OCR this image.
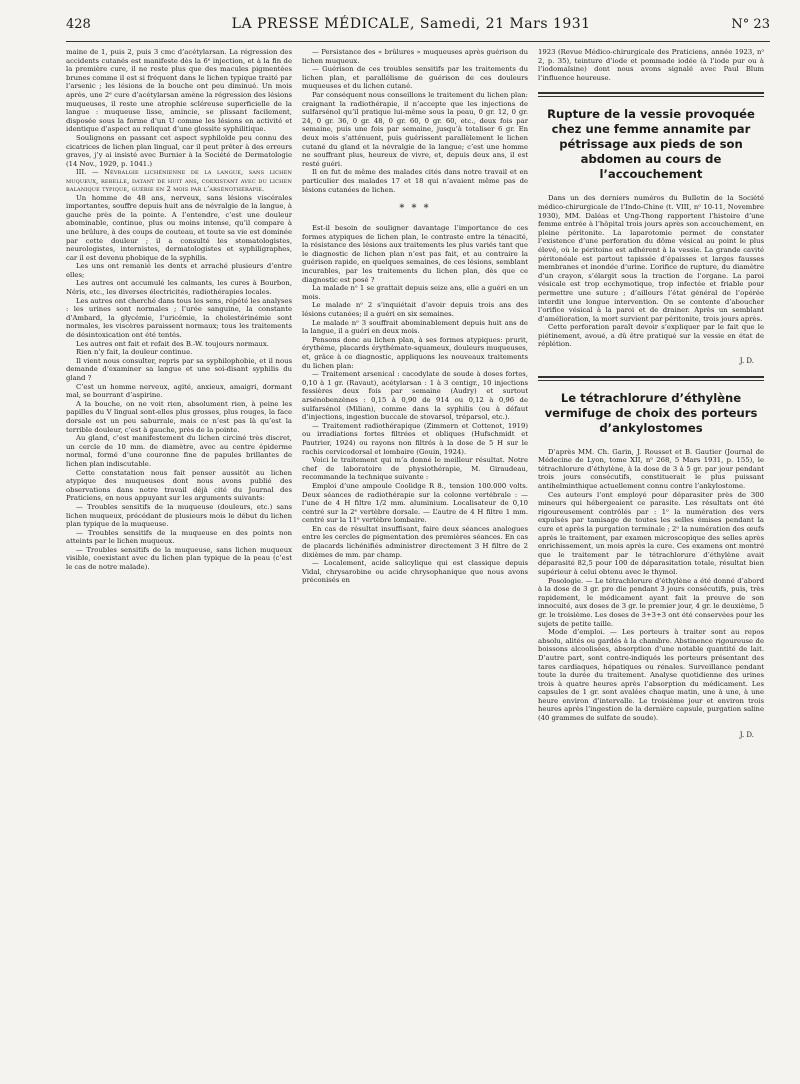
428	LA PRESSE MÉDICALE, Samedi, 21 Mars 1931	N° 23

maine de 1, puis 2, puis 3 cmc d’acétylarsan. La régression des accidents cutanés est manifeste dès la 6ᵉ injection, et à la fin de la première cure, il ne reste plus que des macules pigmentées brunes comme il est si fréquent dans le lichen typique traité par l’arsenic ; les lésions de la bouche ont peu diminué. Un mois après, une 2ᵉ cure d’acétylarsan amène la régression des lésions muqueuses, il reste une atrophie scléreuse superficielle de la langue : muqueuse lisse, amincie, se plissant facilement, disposée sous la forme d’un U comme les lésions en activité et identique d’aspect au reliquat d’une glossite syphilitique.

Soulignons en passant cet aspect syphiloïde peu connu des cicatrices de lichen plan lingual, car il peut prêter à des erreurs graves, j’y ai insisté avec Burnier à la Société de Dermatologie (14 Nov., 1929, p. 1041.)

III. — Névralgie lichénienne de la langue, sans lichen muqueux, rebelle, datant de huit ans, coexistant avec du lichen balanique typique, guérie en 2 mois par l’arsénothérapie.

Un homme de 48 ans, nerveux, sans lésions viscérales importantes, souffre depuis huit ans de névralgie de la langue, à gauche près de la pointe. A l’entendre, c’est une douleur abominable, continue, plus ou moins intense, qu’il compare à une brûlure, à des coups de couteau, et toute sa vie est dominée par cette douleur ; il a consulté les stomatologistes, neurologistes, internistes, dermatologistes et syphiligraphes, car il est devenu phobique de la syphilis.

Les uns ont remanié les dents et arraché plusieurs d’entre elles;

Les autres ont accumulé les calmants, les cures à Bourbon, Néris, etc., les diverses électricités, radiothérapies locales.

Les autres ont cherché dans tous les sens, répété les analyses : les urines sont normales ; l’urée sanguine, la constante d’Ambard, la glycémie, l’uricémie, la cholestérinémie sont normales, les viscères paraissent normaux; tous les traitements de désintoxication ont été tentés.

Les autres ont fait et refait des B.-W. toujours normaux.

Rien n’y fait, la douleur continue.

Il vient nous consulter, repris par sa syphilophobie, et il nous demande d’examiner sa langue et une soi-disant syphilis du gland ?

C’est un homme nerveux, agité, anxieux, amaigri, dormant mal, se bourrant d’aspirine.

A la bouche, on ne voit rien, absolument rien, à peine les papilles du V lingual sont-elles plus grosses, plus rouges, la face dorsale est un peu saburrale, mais ce n’est pas là qu’est la terrible douleur, c’est à gauche, près de la pointe.

Au gland, c’est manifestement du lichen circiné très discret, un cercle de 10 mm. de diamètre, avec au centre épiderme normal, formé d’une couronne fine de papules brillantes de lichen plan indiscutable.

Cette constatation nous fait penser aussitôt au lichen atypique des muqueuses dont nous avons publié des observations dans notre travail déjà cité du Journal des Praticiens, en nous appuyant sur les arguments suivants:

— Troubles sensitifs de la muqueuse (douleurs, etc.) sans lichen muqueux, précédant de plusieurs mois le début du lichen plan typique de la muqueuse.

— Troubles sensitifs de la muqueuse en des points non atteints par le lichen muqueux.

— Troubles sensitifs de la muqueuse, sans lichen muqueux visible, coexistant avec du lichen plan typique de la peau (c’est le cas de notre malade).

— Persistance des « brûlures » muqueuses après guérison du lichen muqueux.

— Guérison de ces troubles sensitifs par les traitements du lichen plan, et parallélisme de guérison de ces douleurs muqueuses et du lichen cutané.

Par conséquent nous conseillons le traitement du lichen plan: craignant la radiothérapie, il n’accepte que les injections de sulfarsénol qu’il pratique lui-même sous la peau, 0 gr. 12, 0 gr. 24, 0 gr. 36, 0 gr. 48, 0 gr. 60, 0 gr. 60, etc., deux fois par semaine, puis une fois par semaine, jusqu’à totaliser 6 gr. En deux mois s’atténuent, puis guérissent parallèlement le lichen cutané du gland et la névralgie de la langue; c’est une homme ne souffrant plus, heureux de vivre, et, depuis deux ans, il est resté guéri.

Il en fut de même des malades cités dans notre travail et en particulier des malades 17 et 18 qui n’avaient même pas de lésions cutanées de lichen.

* * *

Est-il besoin de souligner davantage l’importance de ces formes atypiques de lichen plan, le contraste entre la ténacité, la résistance des lésions aux traitements les plus variés tant que le diagnostic de lichen plan n’est pas fait, et au contraire la guérison rapide, en quelques semaines, de ces lésions, semblant incurables, par les traitements du lichen plan, dès que ce diagnostic est posé ?

La malade nᵒ 1 se grattait depuis seize ans, elle a guéri en un mois.

Le malade nᵒ 2 s’inquiétait d’avoir depuis trois ans des lésions cutanées; il a guéri en six semaines.

Le malade nᵒ 3 souffrait abominablement depuis huit ans de la langue, il a guéri en deux mois.

Pensons donc au lichen plan, à ses formes atypiques: prurit, érythème, placards érythémato-squameux, douleurs muqueuses, et, grâce à ce diagnostic, appliquons les nouveaux traitements du lichen plan:

— Traitement arsenical : cacodylate de soude à doses fortes, 0,10 à 1 gr. (Ravaut), acétylarsan : 1 à 3 centigr., 10 injections fessières deux fois par semaine (Audry) et surtout arsénobenzènes : 0,15 à 0,90 de 914 ou 0,12 à 0,96 de sulfarsénol (Milian), comme dans la syphilis (ou à défaut d’injections, ingestion buccale de stovarsol, tréparsol, etc.).

— Traitement radiothérapique (Zimmern et Cottenot, 1919) ou irradiations fortes filtrées et obliques (Hufschmidt et Pautrier, 1924) ou rayons non filtrés à la dose de 5 H sur le rachis cervicodorsal et lombaire (Gouin, 1924).

Voici le traitement qui m’a donné le meilleur résultat. Notre chef de laboratoire de physiothérapie, M. Giraudeau, recommande la technique suivante :

Emploi d’une ampoule Coolidge R 8., tension 100.000 volts. Deux séances de radiothérapie sur la colonne vertébrale : — l’une de 4 H filtre 1/2 mm. aluminium. Localisateur de 0,10 centré sur la 2ᵉ vertèbre dorsale. — L’autre de 4 H filtre 1 mm. centré sur la 11ᵉ vertèbre lombaire.

En cas de résultat insuffisant, faire deux séances analogues entre les cercles de pigmentation des premières séances. En cas de placards lichénifiés administrer directement 3 H filtre de 2 dixièmes de mm. par champ.

— Localement, acide salicylique qui est classique depuis Vidal, chrysarobine ou acide chrysophanique que nous avons préconisés en

1923 (Revue Médico-chirurgicale des Praticiens, année 1923, nᵒ 2, p. 35), teinture d’iode et pommade iodée (à l’iode pur ou à l’iodomaïsine) dont nous avons signalé avec Paul Blum l’influence heureuse.

Rupture de la vessie provoquée chez une femme annamite par pétrissage aux pieds de son abdomen au cours de l’accouchement

Dans un des derniers numéros du Bulletin de la Société médico-chirurgicale de l’Indo-Chine (t. VIII, nᵒ 10-11, Novembre 1930), MM. Daléas et Ung-Thong rapportent l’histoire d’une femme entrée à l’hôpital trois jours après son accouchement, en pleine péritonite. La laparotomie permet de constater l’existence d’une perforation du dôme vésical au point le plus élevé, où le péritoine est adhérent à la vessie. La grande cavité péritonéale est partout tapissée d’épaisses et larges fausses membranes et inondée d’urine. L’orifice de rupture, du diamètre d’un crayon, s’élargit sous la traction de l’organe. La paroi vésicale est trop ecchymotique, trop infectée et friable pour permettre une suture ; d’ailleurs l’état général de l’opérée interdit une longue intervention. On se contente d’aboucher l’orifice vésical à la paroi et de drainer. Après un semblant d’amélioration, la mort survient par péritonite, trois jours après.

Cette perforation paraît devoir s’expliquer par le fait que le piétinement, avoué, a dû être pratiqué sur la vessie en état de réplétion.

J. D.
Le tétrachlorure d’éthylène vermifuge de choix des porteurs d’ankylostomes

D’après MM. Ch. Garin, J. Rousset et B. Gautier (Journal de Médecine de Lyon, tome XII, nᵒ 268, 5 Mars 1931, p. 155), le tétrachlorure d’éthylène, à la dose de 3 à 5 gr. par jour pendant trois jours consécutifs, constituerait le plus puissant antihelminthique actuellement connu contre l’ankylostome.

Ces auteurs l’ont employé pour déparasiter près de 300 mineurs qui hébergeaient ce parasite. Les résultats ont été rigoureusement contrôlés par : 1ᵒ la numération des vers expulsés par tamisage de toutes les selles émises pendant la cure et après la purgation terminale ; 2ᵒ la numération des œufs après le traitement, par examen microscopique des selles après enrichissement, un mois après la cure. Ces examens ont montré que le traitement par le tétrachlorure d’éthylène avait déparasité 82,5 pour 100 de déparasitation totale, résultat bien supérieur à celui obtenu avec le thymol.

Posologie. — Le tétrachlorure d’éthylène a été donné d’abord à la dose de 3 gr. pro die pendant 3 jours consécutifs, puis, très rapidement, le médicament ayant fait la preuve de son innocuité, aux doses de 3 gr. le premier jour, 4 gr. le deuxième, 5 gr. le troisième. Les doses de 3+3+3 ont été conservées pour les sujets de petite taille.

Mode d’emploi. — Les porteurs à traiter sont au repos absolu, alités ou gardés à la chambre. Abstinence rigoureuse de boissons alcoolisées, absorption d’une notable quantité de lait. D’autre part, sont contre-indiqués les porteurs présentant des tares cardiaques, hépatiques ou rénales. Surveillance pendant toute la durée du traitement. Analyse quotidienne des urines trois à quatre heures après l’absorption du médicament. Les capsules de 1 gr. sont avalées chaque matin, une à une, à une heure environ d’intervalle. Le troisième jour et environ trois heures après l’ingestion de la dernière capsule, purgation saline (40 grammes de sulfate de soude).

J. D.
